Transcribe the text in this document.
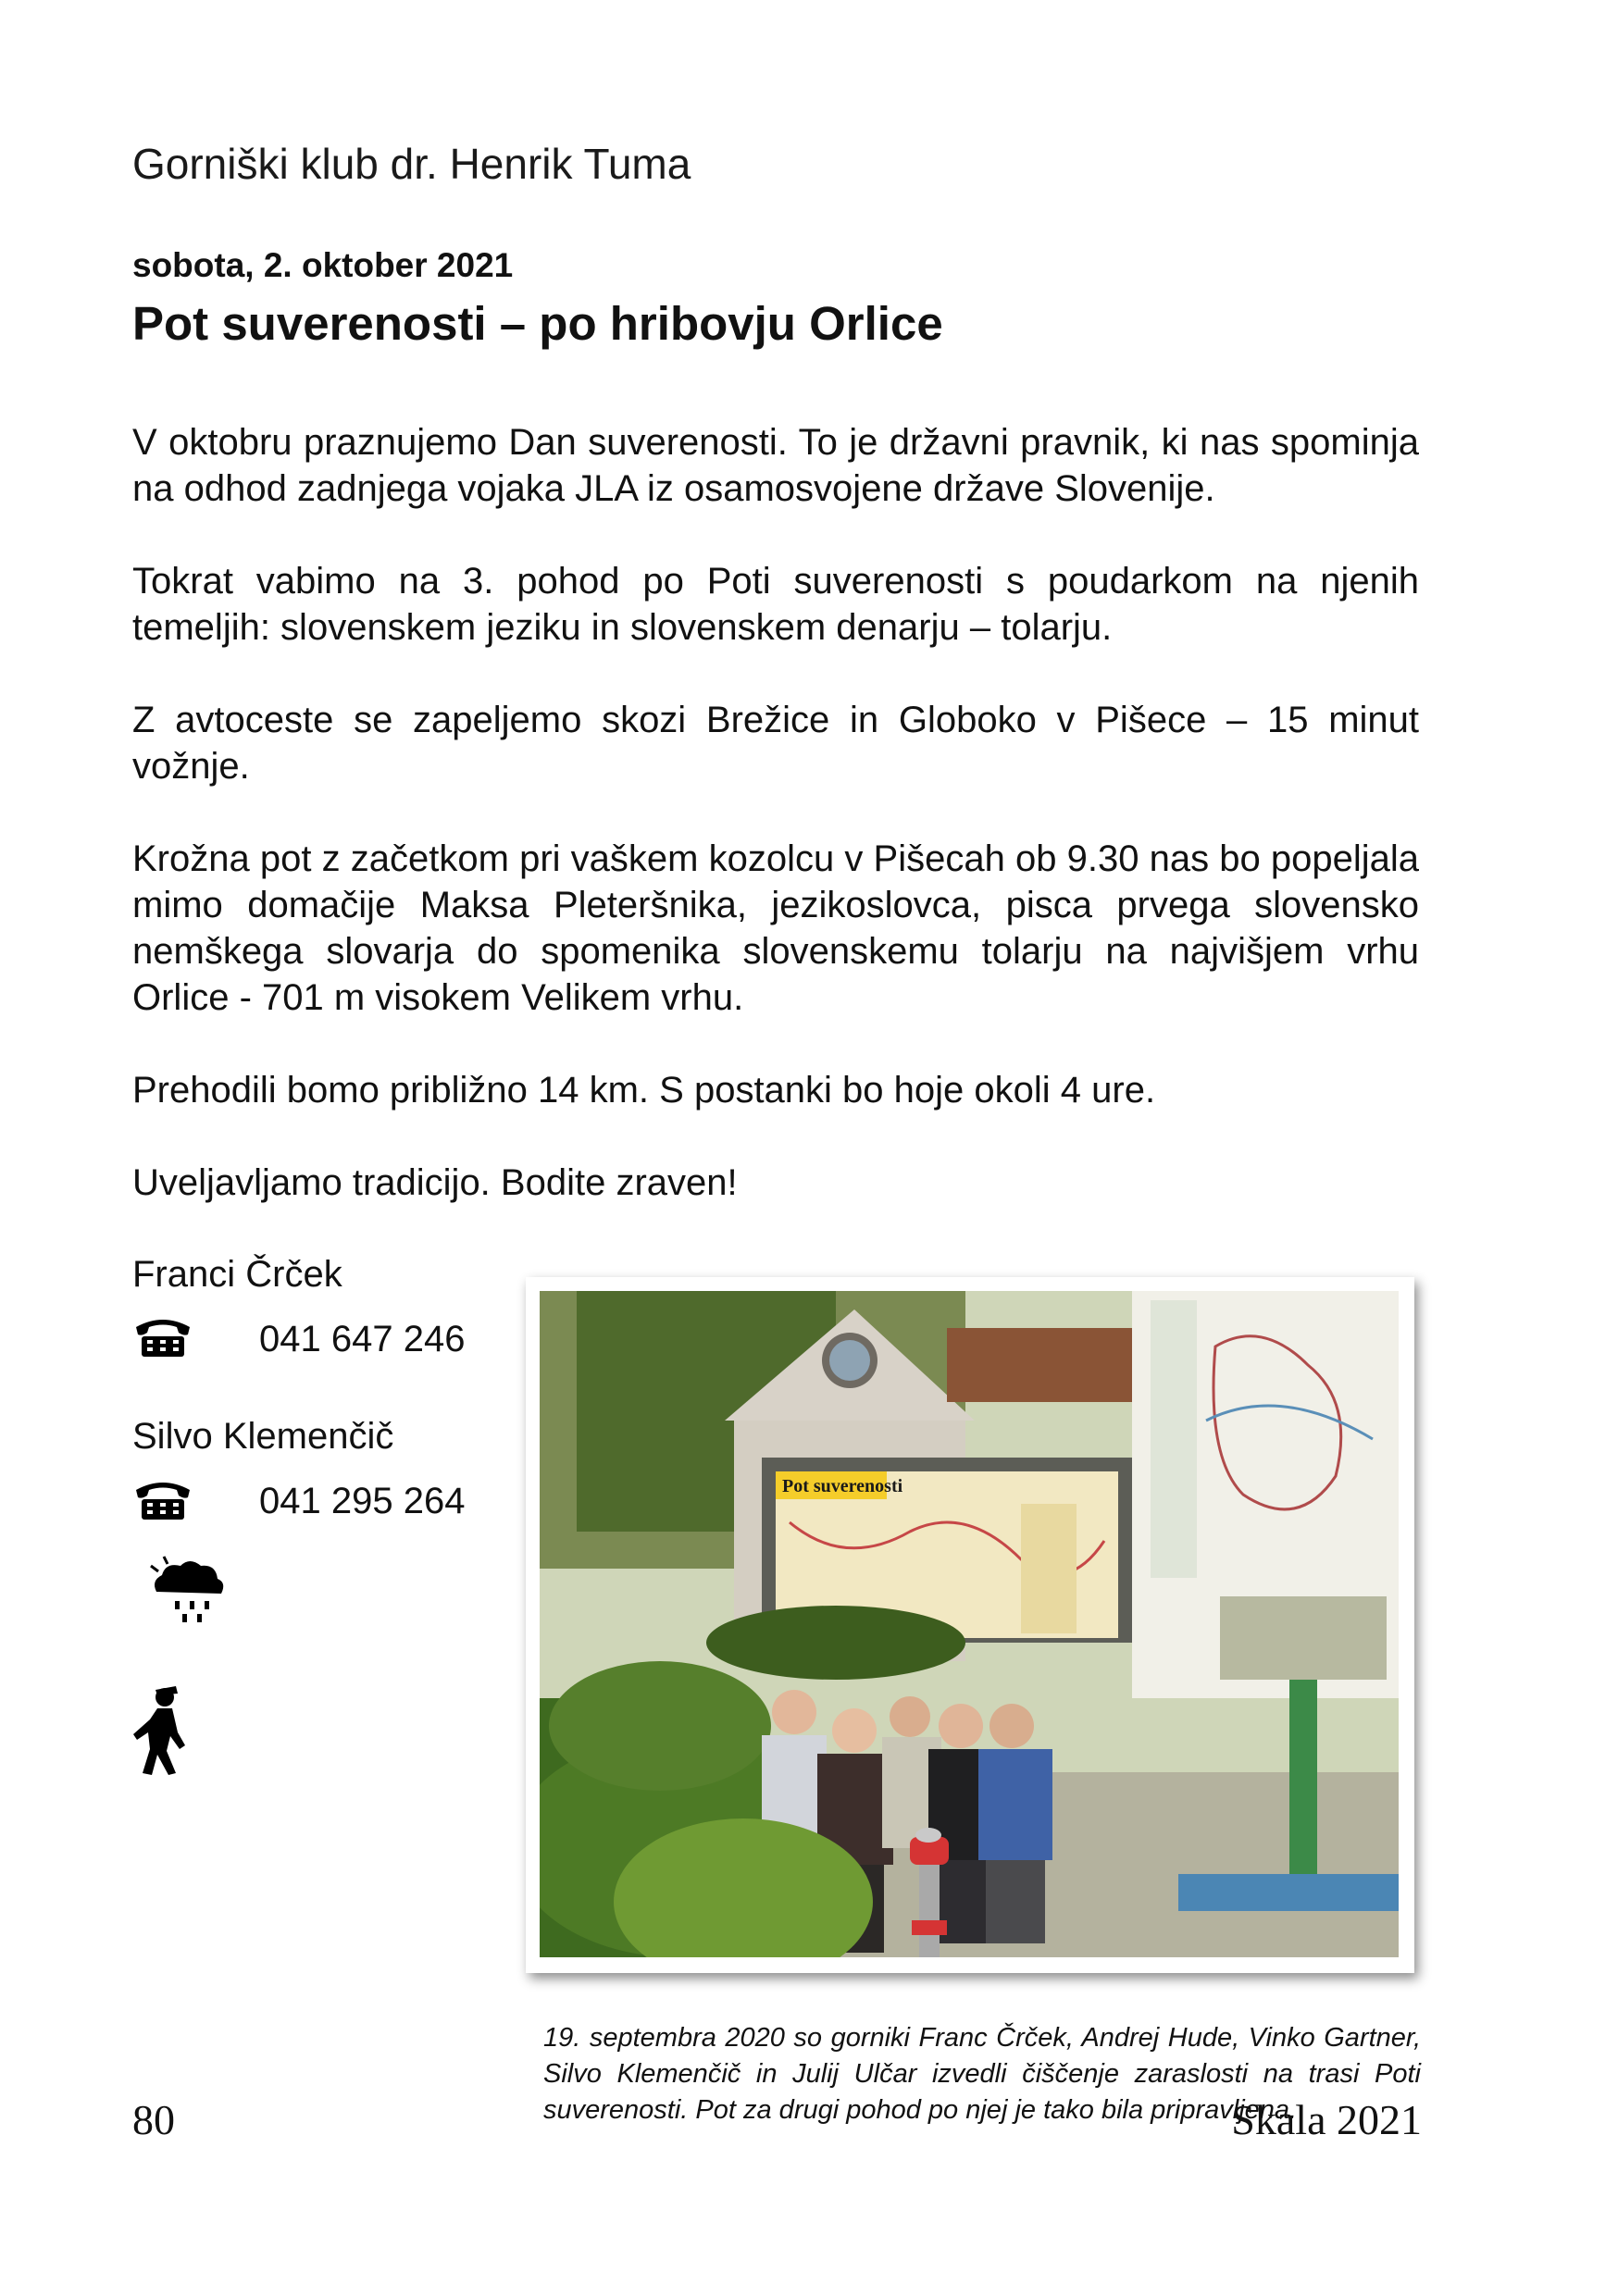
Gorniški klub dr. Henrik Tuma
sobota, 2. oktober 2021
Pot suverenosti – po hribovju Orlice

V oktobru praznujemo Dan suverenosti. To je državni pravnik, ki nas spominja na odhod zadnjega vojaka JLA iz osamosvojene države Slovenije.

Tokrat vabimo na 3. pohod po Poti suverenosti s poudarkom na njenih temeljih: slovenskem jeziku in slovenskem denarju – tolarju.

Z avtoceste se zapeljemo skozi Brežice in Globoko v Pišece – 15 minut vožnje.

Krožna pot z začetkom pri vaškem kozolcu v Pišecah ob 9.30 nas bo popeljala mimo domačije Maksa Pleteršnika, jezikoslovca, pisca prvega slovensko nemškega slovarja do spomenika slovenskemu tolarju na najvišjem vrhu Orlice - 701 m visokem Velikem vrhu.

Prehodili bomo približno 14 km. S postanki bo hoje okoli 4 ure.

Uveljavljamo tradicijo. Bodite zraven!

Franci Črček
041 647 246
Silvo Klemenčič
041 295 264	Pot suverenosti

19. septembra 2020 so gorniki Franc Črček, Andrej Hude, Vinko Gartner, Silvo Klemenčič in Julij Ulčar izvedli čiščenje zaraslosti na trasi Poti suverenosti. Pot za drugi pohod po njej je tako bila pripravljena.

80	Skala 2021
